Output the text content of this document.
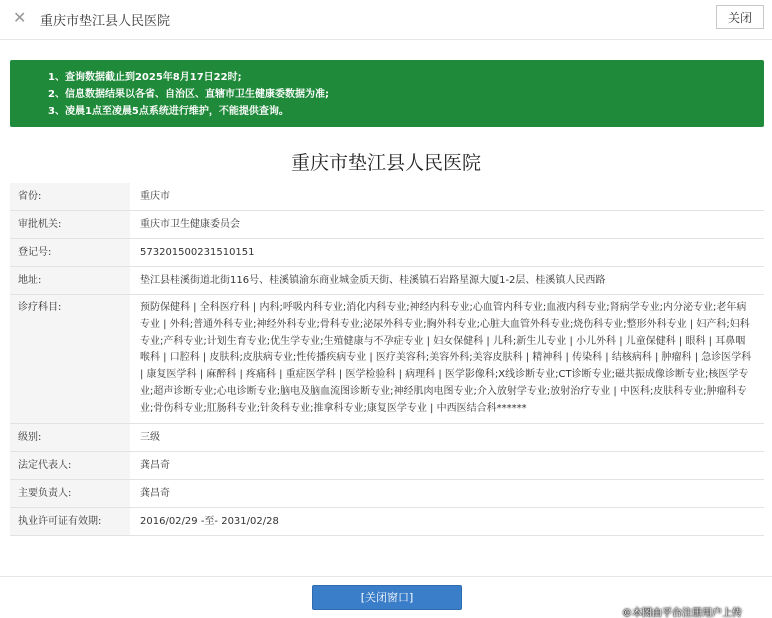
✕ 重庆市垫江县人民医院	关闭
1、查询数据截止到2025年8月17日22时;
2、信息数据结果以各省、自治区、直辖市卫生健康委数据为准;
3、凌晨1点至凌晨5点系统进行维护，不能提供查询。
重庆市垫江县人民医院
省份:	重庆市
审批机关:	重庆市卫生健康委员会
登记号:	573201500231510151
地址:	垫江县桂溪街道北街116号、桂溪镇渝东商业城金质天街、桂溪镇石岩路星源大厦1-2层、桂溪镇人民西路
诊疗科目:	预防保健科 | 全科医疗科 | 内科;呼吸内科专业;消化内科专业;神经内科专业;心血管内科专业;血液内科专业;肾病学专业;内分泌专业;老年病专业 | 外科;普通外科专业;神经外科专业;骨科专业;泌尿外科专业;胸外科专业;心脏大血管外科专业;烧伤科专业;整形外科专业 | 妇产科;妇科专业;产科专业;计划生育专业;优生学专业;生殖健康与不孕症专业 | 妇女保健科 | 儿科;新生儿专业 | 小儿外科 | 儿童保健科 | 眼科 | 耳鼻咽喉科 | 口腔科 | 皮肤科;皮肤病专业;性传播疾病专业 | 医疗美容科;美容外科;美容皮肤科 | 精神科 | 传染科 | 结核病科 | 肿瘤科 | 急诊医学科 | 康复医学科 | 麻醉科 | 疼痛科 | 重症医学科 | 医学检验科 | 病理科 | 医学影像科;X线诊断专业;CT诊断专业;磁共振成像诊断专业;核医学专业;超声诊断专业;心电诊断专业;脑电及脑血流图诊断专业;神经肌肉电图专业;介入放射学专业;放射治疗专业 | 中医科;皮肤科专业;肿瘤科专业;骨伤科专业;肛肠科专业;针灸科专业;推拿科专业;康复医学专业 | 中西医结合科******
级别:	三级
法定代表人:	龚昌奇
主要负责人:	龚昌奇
执业许可证有效期:	2016/02/29 -至- 2031/02/28
[关闭窗口]
©本图由平台注册用户上传
